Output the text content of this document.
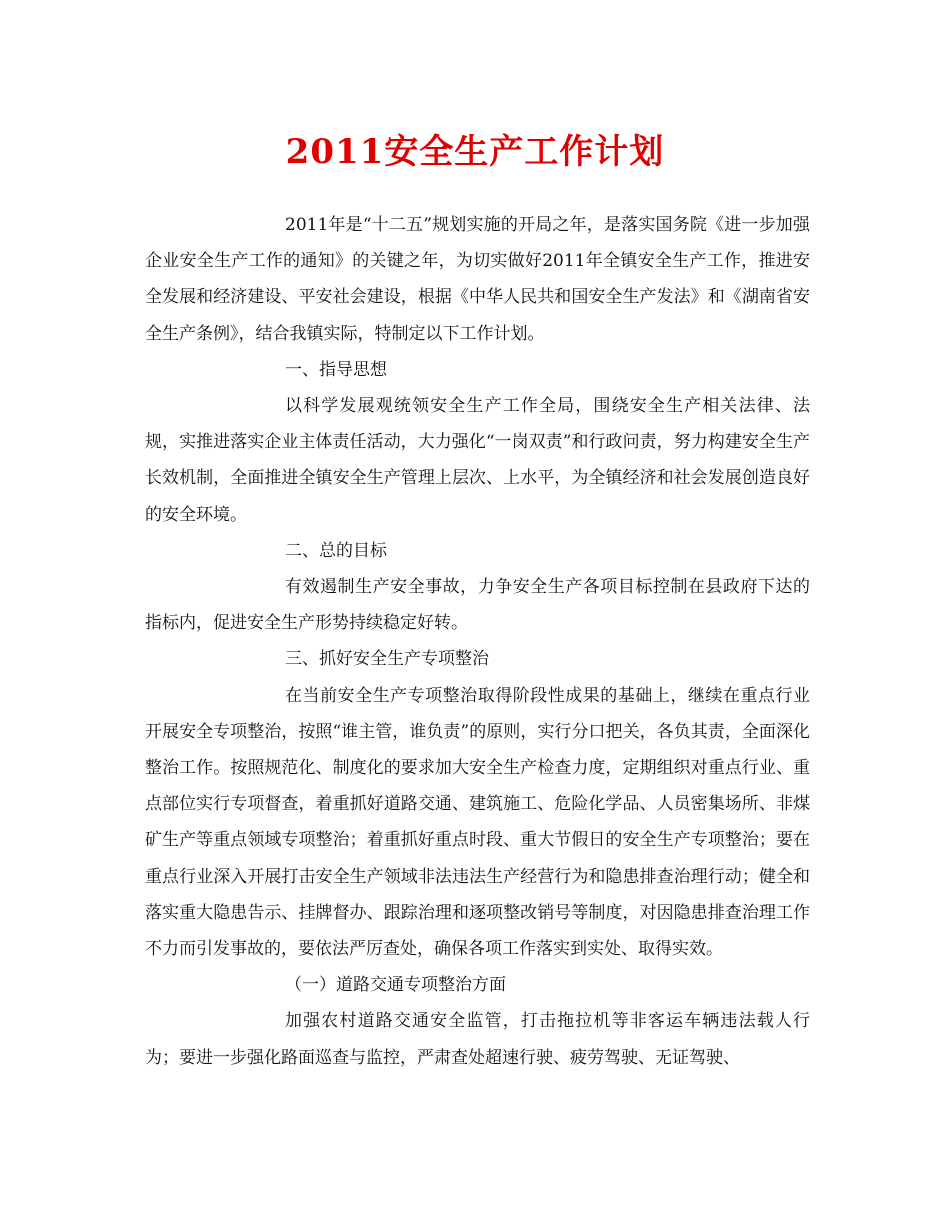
2011安全生产工作计划

2011年是“十二五”规划实施的开局之年，是落实国务院《进一步加强企业安全生产工作的通知》的关键之年，为切实做好2011年全镇安全生产工作，推进安全发展和经济建设、平安社会建设，根据《中华人民共和国安全生产发法》和《湖南省安全生产条例》，结合我镇实际，特制定以下工作计划。

一、指导思想

以科学发展观统领安全生产工作全局，围绕安全生产相关法律、法规，实推进落实企业主体责任活动，大力强化“一岗双责”和行政问责，努力构建安全生产长效机制，全面推进全镇安全生产管理上层次、上水平，为全镇经济和社会发展创造良好的安全环境。

二、总的目标

有效遏制生产安全事故，力争安全生产各项目标控制在县政府下达的指标内，促进安全生产形势持续稳定好转。

三、抓好安全生产专项整治

在当前安全生产专项整治取得阶段性成果的基础上，继续在重点行业开展安全专项整治，按照“谁主管，谁负责”的原则，实行分口把关，各负其责，全面深化整治工作。按照规范化、制度化的要求加大安全生产检查力度，定期组织对重点行业、重点部位实行专项督查，着重抓好道路交通、建筑施工、危险化学品、人员密集场所、非煤矿生产等重点领域专项整治；着重抓好重点时段、重大节假日的安全生产专项整治；要在重点行业深入开展打击安全生产领域非法违法生产经营行为和隐患排查治理行动；健全和落实重大隐患告示、挂牌督办、跟踪治理和逐项整改销号等制度，对因隐患排查治理工作不力而引发事故的，要依法严厉查处，确保各项工作落实到实处、取得实效。

（一）道路交通专项整治方面

加强农村道路交通安全监管，打击拖拉机等非客运车辆违法载人行为；要进一步强化路面巡查与监控，严肃查处超速行驶、疲劳驾驶、无证驾驶、
